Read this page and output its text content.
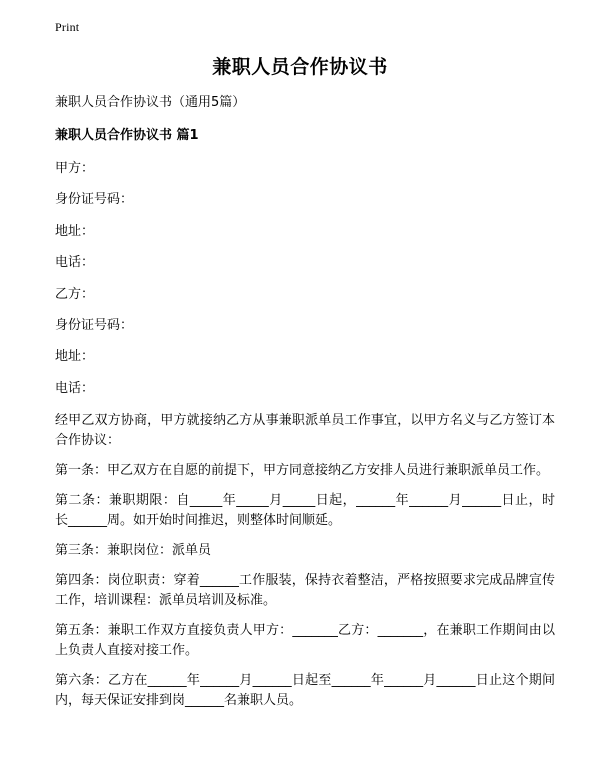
Print
兼职人员合作协议书
兼职人员合作协议书（通用5篇）
兼职人员合作协议书 篇1
甲方：
身份证号码：
地址：
电话：
乙方：
身份证号码：
地址：
电话：

经甲乙双方协商，甲方就接纳乙方从事兼职派单员工作事宜，以甲方名义与乙方签订本合作协议：

第一条：甲乙双方在自愿的前提下，甲方同意接纳乙方安排人员进行兼职派单员工作。

第二条：兼职期限：自_____年_____月_____日起，______年______月______日止，时长______周。如开始时间推迟，则整体时间顺延。

第三条：兼职岗位：派单员

第四条：岗位职责：穿着______工作服装，保持衣着整洁，严格按照要求完成品牌宣传工作，培训课程：派单员培训及标准。

第五条：兼职工作双方直接负责人甲方：_______乙方：_______，在兼职工作期间由以上负责人直接对接工作。

第六条：乙方在______年______月______日起至______年______月______日止这个期间内，每天保证安排到岗______名兼职人员。
